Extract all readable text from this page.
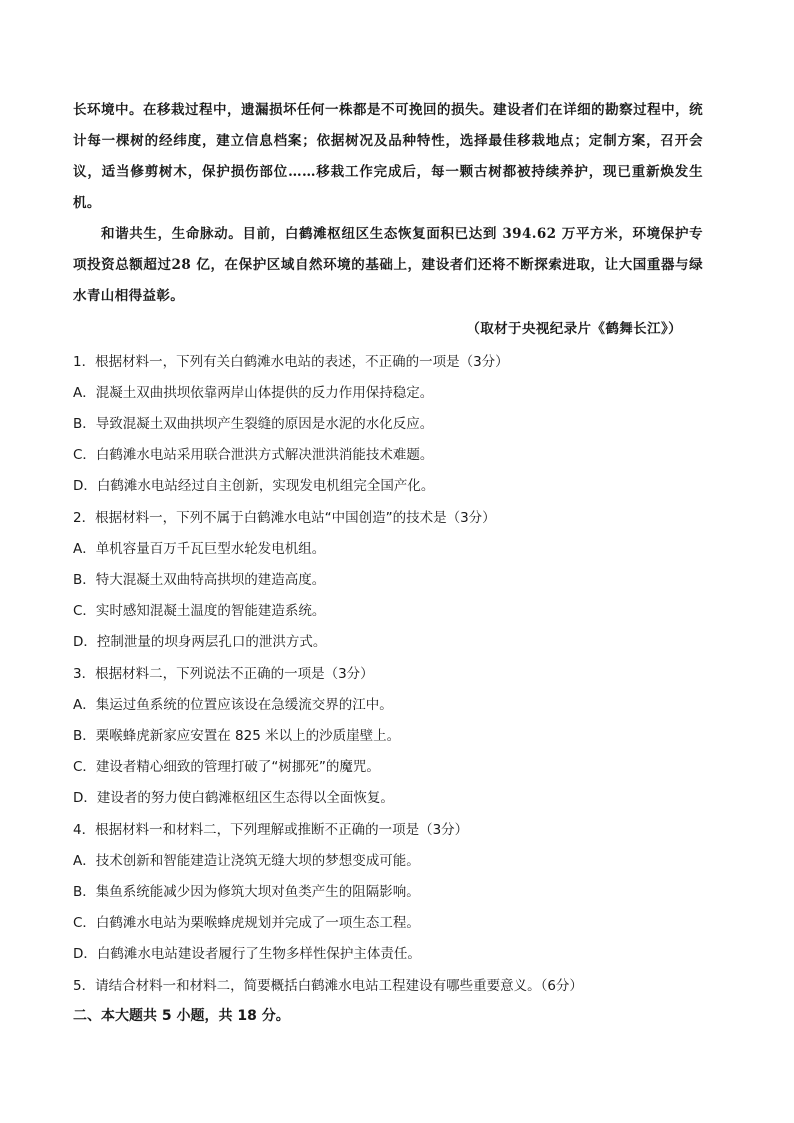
长环境中。在移栽过程中，遗漏损坏任何一株都是不可挽回的损失。建设者们在详细的勘察过程中，统计每一棵树的经纬度，建立信息档案；依据树况及品种特性，选择最佳移栽地点；定制方案，召开会议，适当修剪树木，保护损伤部位……移栽工作完成后，每一颗古树都被持续养护，现已重新焕发生机。

和谐共生，生命脉动。目前，白鹤滩枢纽区生态恢复面积已达到 394.62 万平方米，环境保护专项投资总额超过28 亿，在保护区域自然环境的基础上，建设者们还将不断探索进取，让大国重器与绿水青山相得益彰。

（取材于央视纪录片《鹤舞长江》）
1．根据材料一，下列有关白鹤滩水电站的表述，不正确的一项是（3分）
A．混凝土双曲拱坝依靠两岸山体提供的反力作用保持稳定。
B．导致混凝土双曲拱坝产生裂缝的原因是水泥的水化反应。
C．白鹤滩水电站采用联合泄洪方式解决泄洪消能技术难题。
D．白鹤滩水电站经过自主创新，实现发电机组完全国产化。
2．根据材料一，下列不属于白鹤滩水电站“中国创造”的技术是（3分）
A．单机容量百万千瓦巨型水轮发电机组。
B．特大混凝土双曲特高拱坝的建造高度。
C．实时感知混凝土温度的智能建造系统。
D．控制泄量的坝身两层孔口的泄洪方式。
3．根据材料二，下列说法不正确的一项是（3分）
A．集运过鱼系统的位置应该设在急缓流交界的江中。
B．栗喉蜂虎新家应安置在 825 米以上的沙质崖壁上。
C．建设者精心细致的管理打破了“树挪死”的魔咒。
D．建设者的努力使白鹤滩枢纽区生态得以全面恢复。
4．根据材料一和材料二，下列理解或推断不正确的一项是（3分）
A．技术创新和智能建造让浇筑无缝大坝的梦想变成可能。
B．集鱼系统能减少因为修筑大坝对鱼类产生的阻隔影响。
C．白鹤滩水电站为栗喉蜂虎规划并完成了一项生态工程。
D．白鹤滩水电站建设者履行了生物多样性保护主体责任。
5．请结合材料一和材料二，简要概括白鹤滩水电站工程建设有哪些重要意义。（6分）
二、本大题共 5 小题，共 18 分。
